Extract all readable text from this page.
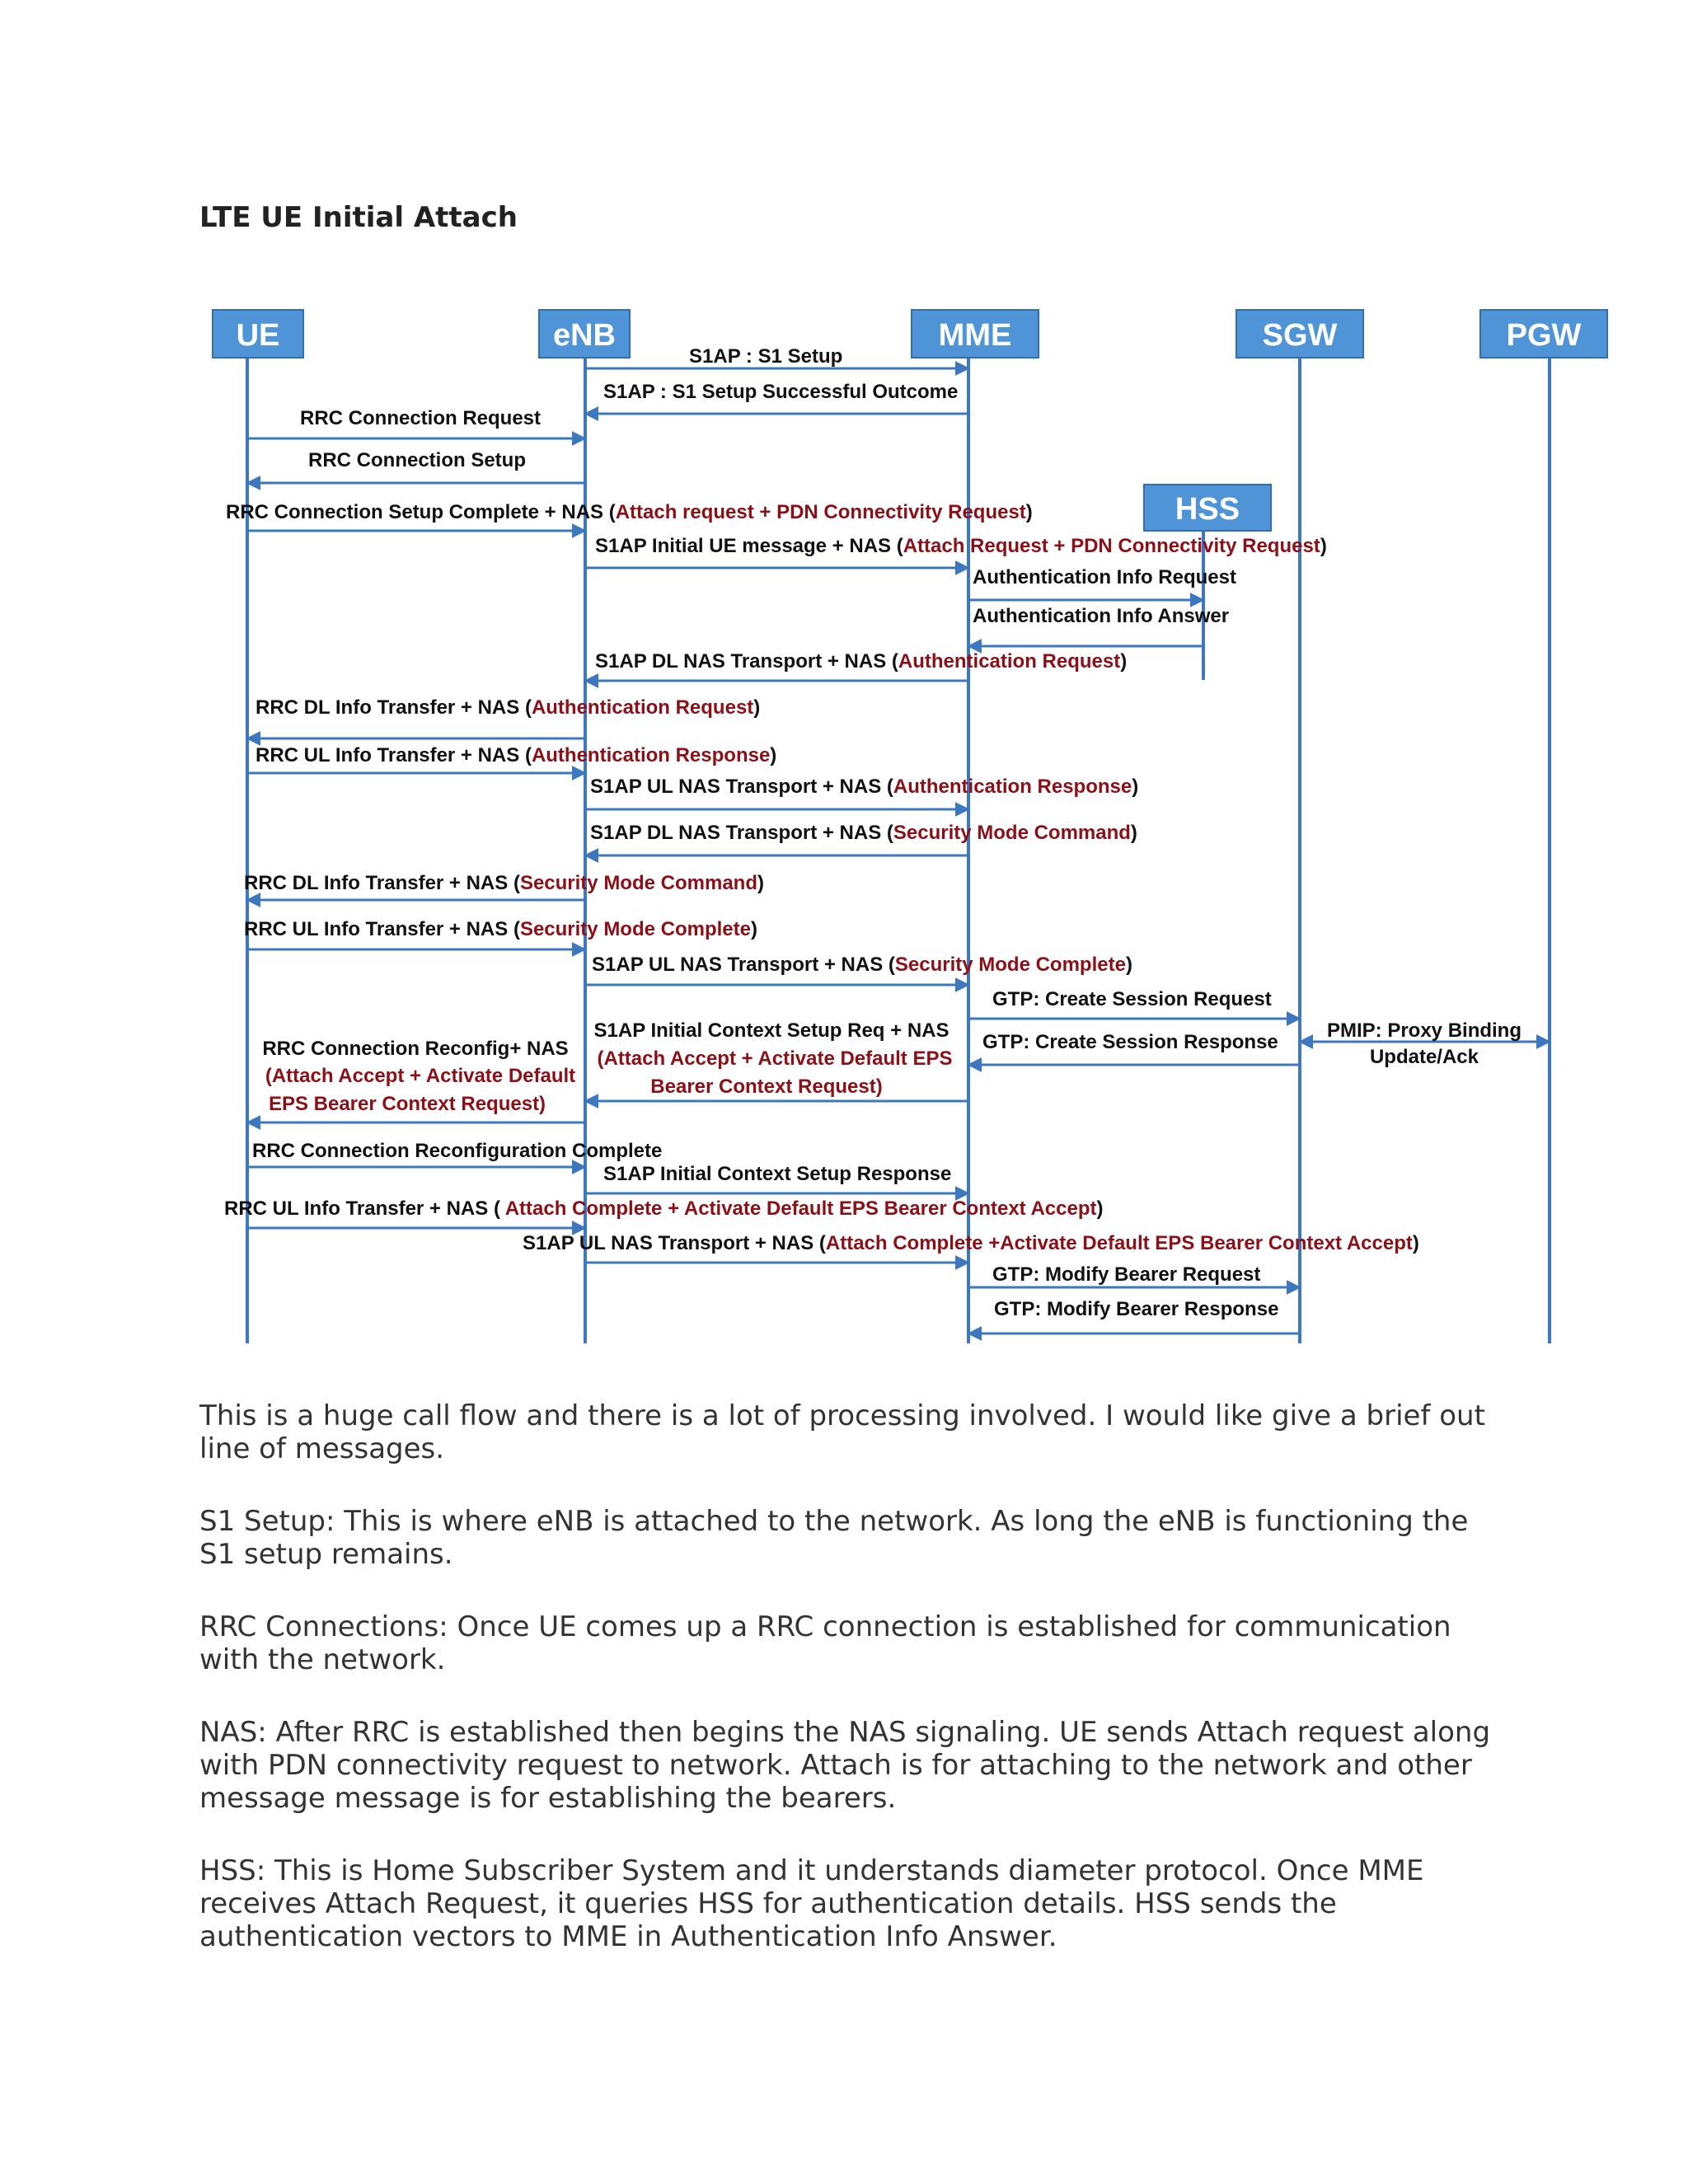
LTE UE Initial Attach
UE	eNB	MME
HSS
SGW	PGW
S1AP : S1 Setup
S1AP : S1 Setup Successful Outcome
RRC Connection Request
RRC Connection Setup
RRC Connection Setup Complete + NAS (Attach request + PDN Connectivity Request)
S1AP Initial UE message + NAS (Attach Request + PDN Connectivity Request)
Authentication Info Request
Authentication Info Answer
S1AP DL NAS Transport + NAS (Authentication Request)
RRC DL Info Transfer + NAS (Authentication Request)
RRC UL Info Transfer + NAS (Authentication Response)
S1AP UL NAS Transport + NAS (Authentication Response)
S1AP DL NAS Transport + NAS (Security Mode Command)
RRC DL Info Transfer + NAS (Security Mode Command)
RRC UL Info Transfer + NAS (Security Mode Complete)
S1AP UL NAS Transport + NAS (Security Mode Complete)
GTP: Create Session Request
GTP: Create Session Response
PMIP: Proxy Binding
Update/Ack
S1AP Initial Context Setup Req + NAS
(Attach Accept + Activate Default EPS
Bearer Context Request)
RRC Connection Reconfig+ NAS
(Attach Accept + Activate Default
EPS Bearer Context Request)
RRC Connection Reconfiguration Complete
S1AP Initial Context Setup Response
RRC UL Info Transfer + NAS ( Attach Complete + Activate Default EPS Bearer Context Accept)
S1AP UL NAS Transport + NAS (Attach Complete +Activate Default EPS Bearer Context Accept)
GTP: Modify Bearer Request
GTP: Modify Bearer Response

This is a huge call flow and there is a lot of processing involved. I would like give a brief out line of messages.

S1 Setup: This is where eNB is attached to the network. As long the eNB is functioning the S1 setup remains.

RRC Connections: Once UE comes up a RRC connection is established for communication with the network.

NAS: After RRC is established then begins the NAS signaling. UE sends Attach request along with PDN connectivity request to network. Attach is for attaching to the network and other message message is for establishing the bearers.

HSS: This is Home Subscriber System and it understands diameter protocol. Once MME receives Attach Request, it queries HSS for authentication details. HSS sends the authentication vectors to MME in Authentication Info Answer.
